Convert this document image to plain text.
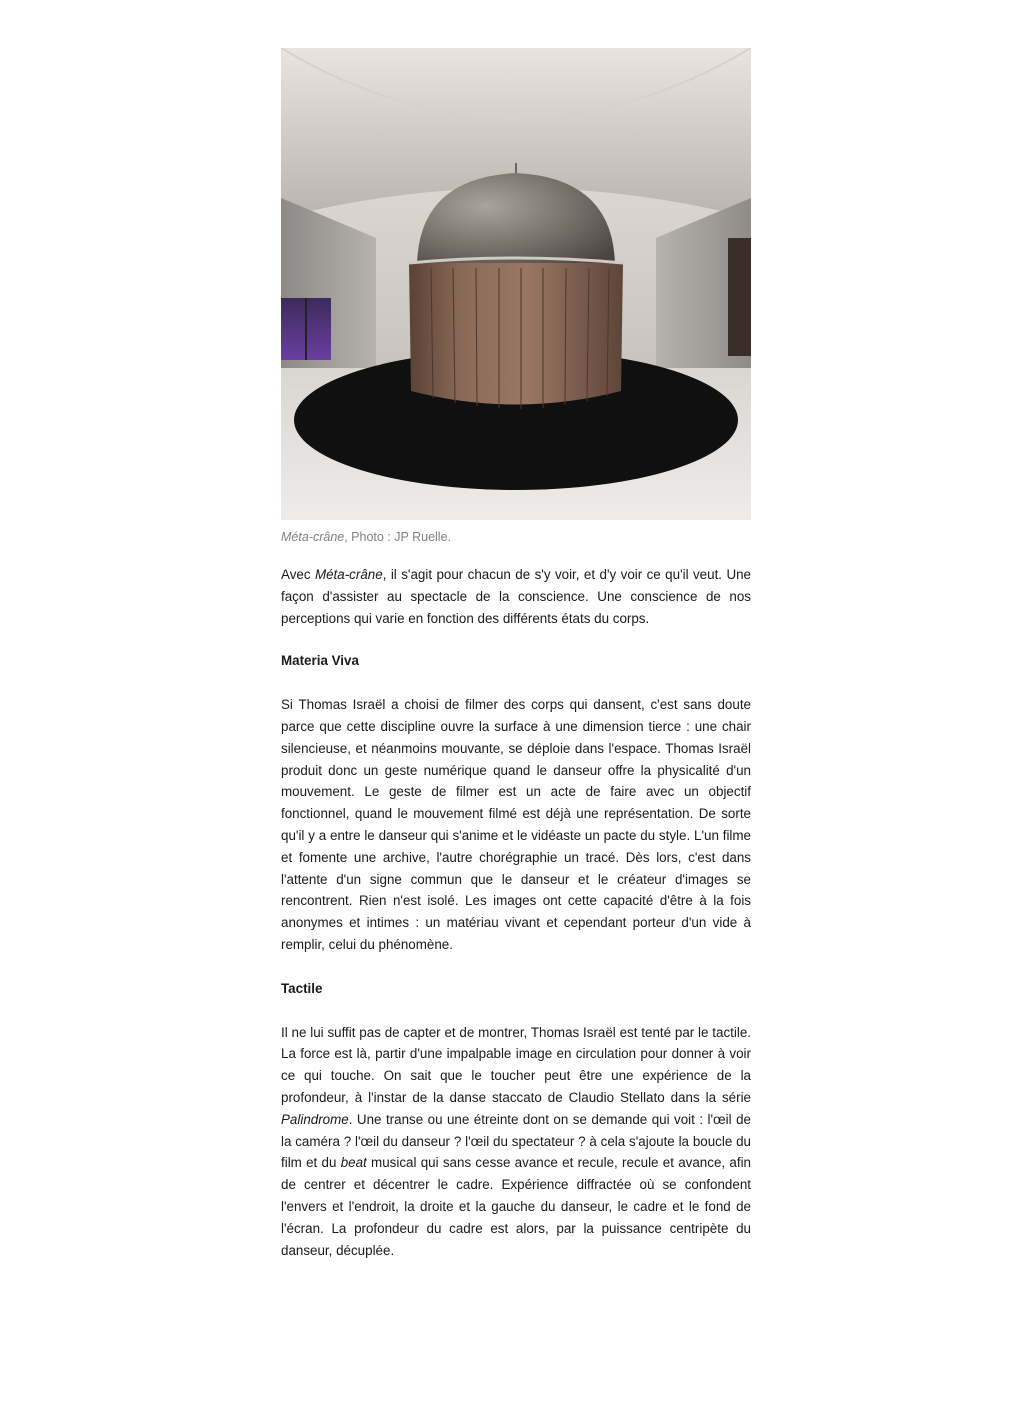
Méta-crâne, Photo : JP Ruelle.

Avec Méta-crâne, il s'agit pour chacun de s'y voir, et d'y voir ce qu'il veut. Une façon d'assister au spectacle de la conscience. Une conscience de nos perceptions qui varie en fonction des différents états du corps.

Materia Viva

Si Thomas Israël a choisi de filmer des corps qui dansent, c'est sans doute parce que cette discipline ouvre la surface à une dimension tierce : une chair silencieuse, et néanmoins mouvante, se déploie dans l'espace. Thomas Israël produit donc un geste numérique quand le danseur offre la physicalité d'un mouvement. Le geste de filmer est un acte de faire avec un objectif fonctionnel, quand le mouvement filmé est déjà une représentation. De sorte qu'il y a entre le danseur qui s'anime et le vidéaste un pacte du style. L'un filme et fomente une archive, l'autre chorégraphie un tracé. Dès lors, c'est dans l'attente d'un signe commun que le danseur et le créateur d'images se rencontrent. Rien n'est isolé. Les images ont cette capacité d'être à la fois anonymes et intimes : un matériau vivant et cependant porteur d'un vide à remplir, celui du phénomène.

Tactile

Il ne lui suffit pas de capter et de montrer, Thomas Israël est tenté par le tactile. La force est là, partir d'une impalpable image en circulation pour donner à voir ce qui touche. On sait que le toucher peut être une expérience de la profondeur, à l'instar de la danse staccato de Claudio Stellato dans la série Palindrome. Une transe ou une étreinte dont on se demande qui voit : l'œil de la caméra ? l'œil du danseur ? l'œil du spectateur ? à cela s'ajoute la boucle du film et du beat musical qui sans cesse avance et recule, recule et avance, afin de centrer et décentrer le cadre. Expérience diffractée où se confondent l'envers et l'endroit, la droite et la gauche du danseur, le cadre et le fond de l'écran. La profondeur du cadre est alors, par la puissance centripète du danseur, décuplée.
